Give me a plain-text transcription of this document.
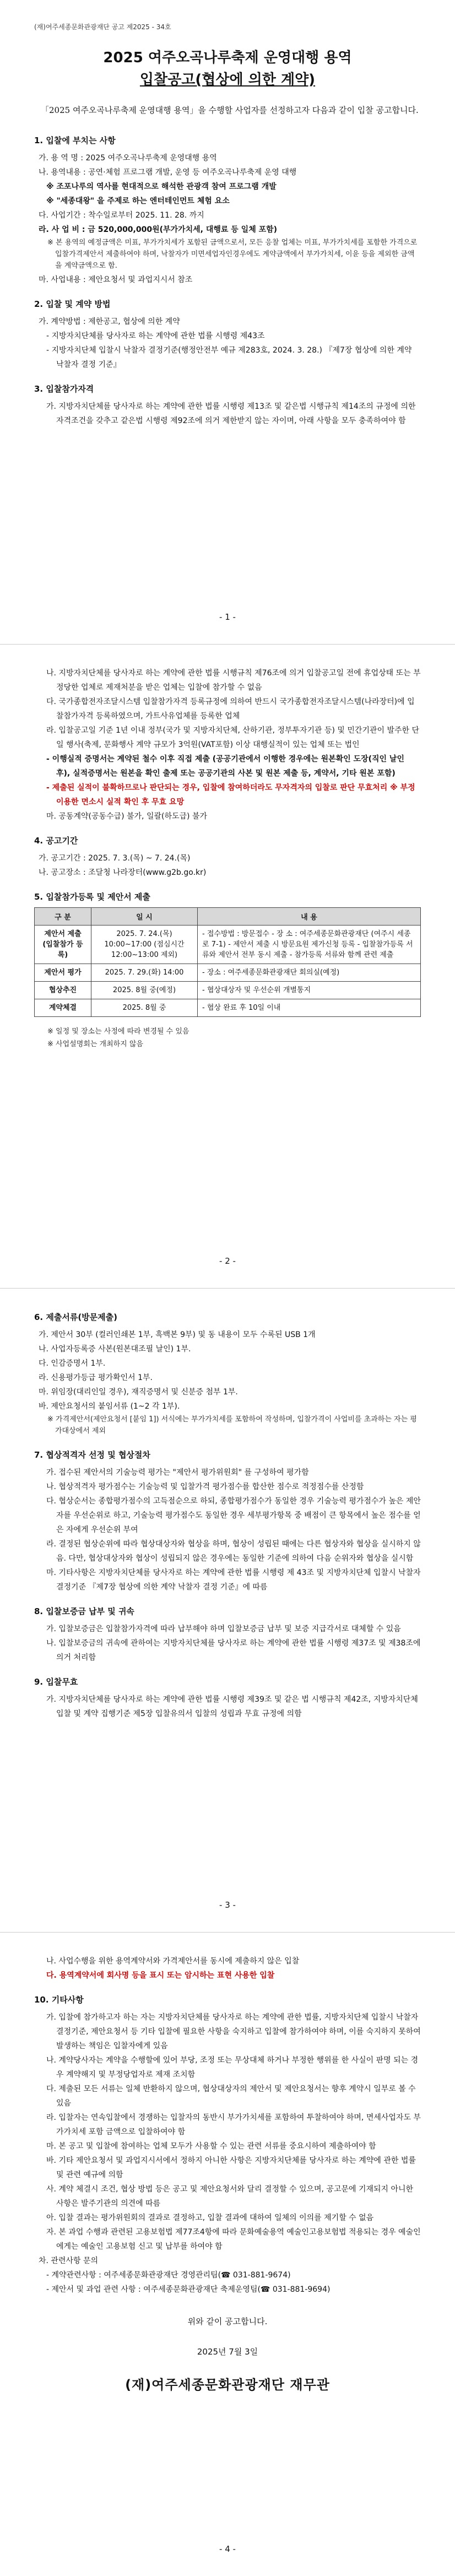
(재)여주세종문화관광재단 공고 제2025 - 34호

2025 여주오곡나루축제 운영대행 용역

입찰공고(협상에 의한 계약)

「2025 여주오곡나루축제 운영대행 용역」을 수행할 사업자를 선정하고자 다음과 같이 입찰 공고합니다.

1. 입찰에 부치는 사항

가. 용 역 명 : 2025 여주오곡나루축제 운영대행 용역

나. 용역내용 : 공연·체험 프로그램 개발, 운영 등 여주오곡나루축제 운영 대행

※ 조포나루의 역사를 현대적으로 해석한 관광객 참여 프로그램 개발

※ "세종대왕" 을 주제로 하는 엔터테인먼트 체험 요소

다. 사업기간 : 착수일로부터 2025. 11. 28. 까지

라. 사 업 비 : 금 520,000,000원(부가가치세, 대행료 등 일체 포함)

※ 본 용역의 예정금액은 미표, 부가가치세가 포함된 금액으로서, 모든 응찰 업체는 미표, 부가가치세를 포함한 가격으로 입찰가격제안서 제출하여야 하며, 낙찰자가 미면세업자인경우에도 계약금액에서 부가가치세, 이윤 등을 제외한 금액을 계약금액으로 함.

마. 사업내용 : 제안요청서 및 과업지시서 참조

2. 입찰 및 계약 방법

가. 계약방법 : 제한공고, 협상에 의한 계약

- 지방자치단체를 당사자로 하는 계약에 관한 법률 시행령 제43조

- 지방자치단체 입찰시 낙찰자 결정기준(행정안전부 예규 제283호, 2024. 3. 28.) 『제7장 협상에 의한 계약 낙찰자 결정 기준』

3. 입찰참가자격

가. 지방자치단체를 당사자로 하는 계약에 관한 법률 시행령 제13조 및 같은법 시행규칙 제14조의 규정에 의한 자격조건을 갖추고 같은법 시행령 제92조에 의거 제한받지 않는 자이며, 아래 사항을 모두 충족하여야 함

- 1 -

나. 지방자치단체를 당사자로 하는 계약에 관한 법률 시행규칙 제76조에 의거 입찰공고일 전에 휴업상태 또는 부정당한 업체로 제재처분을 받은 업체는 입찰에 참가할 수 없음

다. 국가종합전자조달시스템 입찰참가자격 등록규정에 의하여 반드시 국가종합전자조달시스템(나라장터)에 입찰참가자격 등록하였으며, 가트사유업체를 등록한 업체

라. 입찰공고일 기준 1년 이내 정부(국가 및 지방자치단체, 산하기관, 정부투자기관 등) 및 민간기관이 발주한 단일 행사(축제, 문화행사 계약 규모가 3억원(VAT포함) 이상 대행실적이 있는 업체 또는 법인

- 이행실적 증명서는 계약된 철수 이후 직접 제출 (공공기관에서 이행한 경우에는 원본확인 도장(직인 날인 후), 실적증명서는 원본을 확인 출제 또는 공공기관의 사본 및 원본 제출 등, 계약서, 기타 원본 포함)

- 제출된 실적이 불확하므로나 판단되는 경우, 입찰에 참여하더라도 무자격자의 입찰로 판단 무효처리 ※ 부정 이용한 면소시 실적 확인 후 무효 요망

마. 공동계약(공동수급) 불가, 일괄(하도급) 불가

4. 공고기간

가. 공고기간 : 2025. 7. 3.(목) ~ 7. 24.(목)

나. 공고장소 : 조달청 나라장터(www.g2b.go.kr)

5. 입찰참가등록 및 제안서 제출

구 분	일 시	내 용
제안서 제출 (입찰참가 등록)	2025. 7. 24.(목) 10:00~17:00 (점심시간 12:00~13:00 제외)	- 접수방법 : 방문접수 - 장 소 : 여주세종문화관광재단 (여주시 세종로 7-1) - 제안서 제출 시 방문요원 제가신청 등록 - 입찰참가등록 서류와 제안서 전부 동시 제출 - 참가등록 서류와 함께 관련 제출
제안서 평가	2025. 7. 29.(화) 14:00	- 장소 : 여주세종문화관광재단 회의실(예정)
협상추진	2025. 8월 중(예정)	- 협상대상자 및 우선순위 개별통지
계약체결	2025. 8월 중	- 협상 완료 후 10일 이내

※ 일정 및 장소는 사정에 따라 변경될 수 있음

※ 사업설명회는 개최하지 않음

- 2 -

6. 제출서류(방문제출)

가. 제안서 30부 (컬러인쇄본 1부, 흑백본 9부) 및 동 내용이 모두 수록된 USB 1개

나. 사업자등록증 사본(원본대조필 날인) 1부.

다. 인감증명서 1부.

라. 신용평가등급 평가확인서 1부.

마. 위임장(대리인일 경우), 재직증명서 및 신분증 첨부 1부.

바. 제안요청서의 붙임서류 (1~2 각 1부).

※ 가격제안서(제안요청서 [붙임 1]) 서식에는 부가가치세를 포함하여 작성하며, 입찰가격이 사업비를 초과하는 자는 평가대상에서 제외

7. 협상적격자 선정 및 협상절차

가. 접수된 제안서의 기술능력 평가는 "제안서 평가위원회" 를 구성하여 평가함

나. 협상적격자 평가점수는 기술능력 및 입찰가격 평가점수를 합산한 점수로 적정점수를 산정함

다. 협상순서는 종합평가점수의 고득점순으로 하되, 종합평가점수가 동일한 경우 기술능력 평가점수가 높은 제안자를 우선순위로 하고, 기술능력 평가점수도 동일한 경우 세부평가항목 중 배점이 큰 항목에서 높은 점수를 얻은 자에게 우선순위 부여

라. 결정된 협상순위에 따라 협상대상자와 협상을 하며, 협상이 성립된 때에는 다른 협상자와 협상을 실시하지 않음. 다만, 협상대상자와 협상이 성립되지 않은 경우에는 동일한 기준에 의하여 다음 순위자와 협상을 실시함

마. 기타사항은 지방자치단체를 당사자로 하는 계약에 관한 법률 시행령 제 43조 및 지방자치단체 입찰시 낙찰자 결정기준 『제7장 협상에 의한 계약 낙찰자 결정 기준』에 따름

8. 입찰보증금 납부 및 귀속

가. 입찰보증금은 입찰참가자격에 따라 납부해야 하며 입찰보증금 납부 및 보증 지급각서로 대체할 수 있음

나. 입찰보증금의 귀속에 관하여는 지방자치단체를 당사자로 하는 계약에 관한 법률 시행령 제37조 및 제38조에 의거 처리함

9. 입찰무효

가. 지방자치단체를 당사자로 하는 계약에 관한 법률 시행령 제39조 및 같은 법 시행규칙 제42조, 지방자치단체 입찰 및 계약 집행기준 제5장 입찰유의서 입찰의 성립과 무효 규정에 의함

- 3 -

나. 사업수행을 위한 용역계약서와 가격제안서를 동시에 제출하지 않은 입찰

다. 용역계약서에 회사명 등을 표시 또는 암시하는 표현 사용한 입찰

10. 기타사항

가. 입찰에 참가하고자 하는 자는 지방자치단체를 당사자로 하는 계약에 관한 법률, 지방자치단체 입찰시 낙찰자 결정기준, 제안요청서 등 기타 입찰에 필요한 사항을 숙지하고 입찰에 참가하여야 하며, 이를 숙지하지 못하여 발생하는 책임은 입찰자에게 있음

나. 계약당사자는 계약을 수행할에 있어 부당, 조정 또는 무상대체 하거나 부정한 행위를 한 사실이 판명 되는 경우 계약해지 및 부정당업자로 제재 조치함

다. 제출된 모든 서류는 일체 반환하지 않으며, 협상대상자의 제안서 및 제안요청서는 향후 계약시 일부로 볼 수 있음

라. 입찰자는 연속입찰에서 경쟁하는 입찰자의 동반시 부가가치세를 포함하여 투찰하여야 하며, 면세사업자도 부가가치세 포함 금액으로 입찰하여야 함

마. 본 공고 및 입찰에 참여하는 업체 모두가 사용할 수 있는 관련 서류를 중요시하여 제출하여야 함

바. 기타 제안요청서 및 과업지시서에서 정하지 아니한 사항은 지방자치단체를 당사자로 하는 계약에 관한 법률 및 관련 예규에 의함

사. 계약 체결시 조건, 협상 방법 등은 공고 및 제안요청서와 달리 결정할 수 있으며, 공고문에 기재되지 아니한 사항은 발주기관의 의견에 따름

아. 입찰 결과는 평가위원회의 결과로 결정하고, 입찰 결과에 대하여 일체의 이의를 제기할 수 없음

자. 본 과업 수행과 관련된 고용보험법 제77조4항에 따라 문화예술용역 예술인고용보험법 적용되는 경우 예술인에게는 예술인 고용보험 신고 및 납부를 하여야 함

차. 관련사항 문의

- 계약관련사항 : 여주세종문화관광재단 경영관리팀(☎ 031-881-9674)

- 제안서 및 과업 관련 사항 : 여주세종문화관광재단 축제운영팀(☎ 031-881-9694)

위와 같이 공고합니다.

2025년 7월 3일

(재)여주세종문화관광재단 재무관

- 4 -
